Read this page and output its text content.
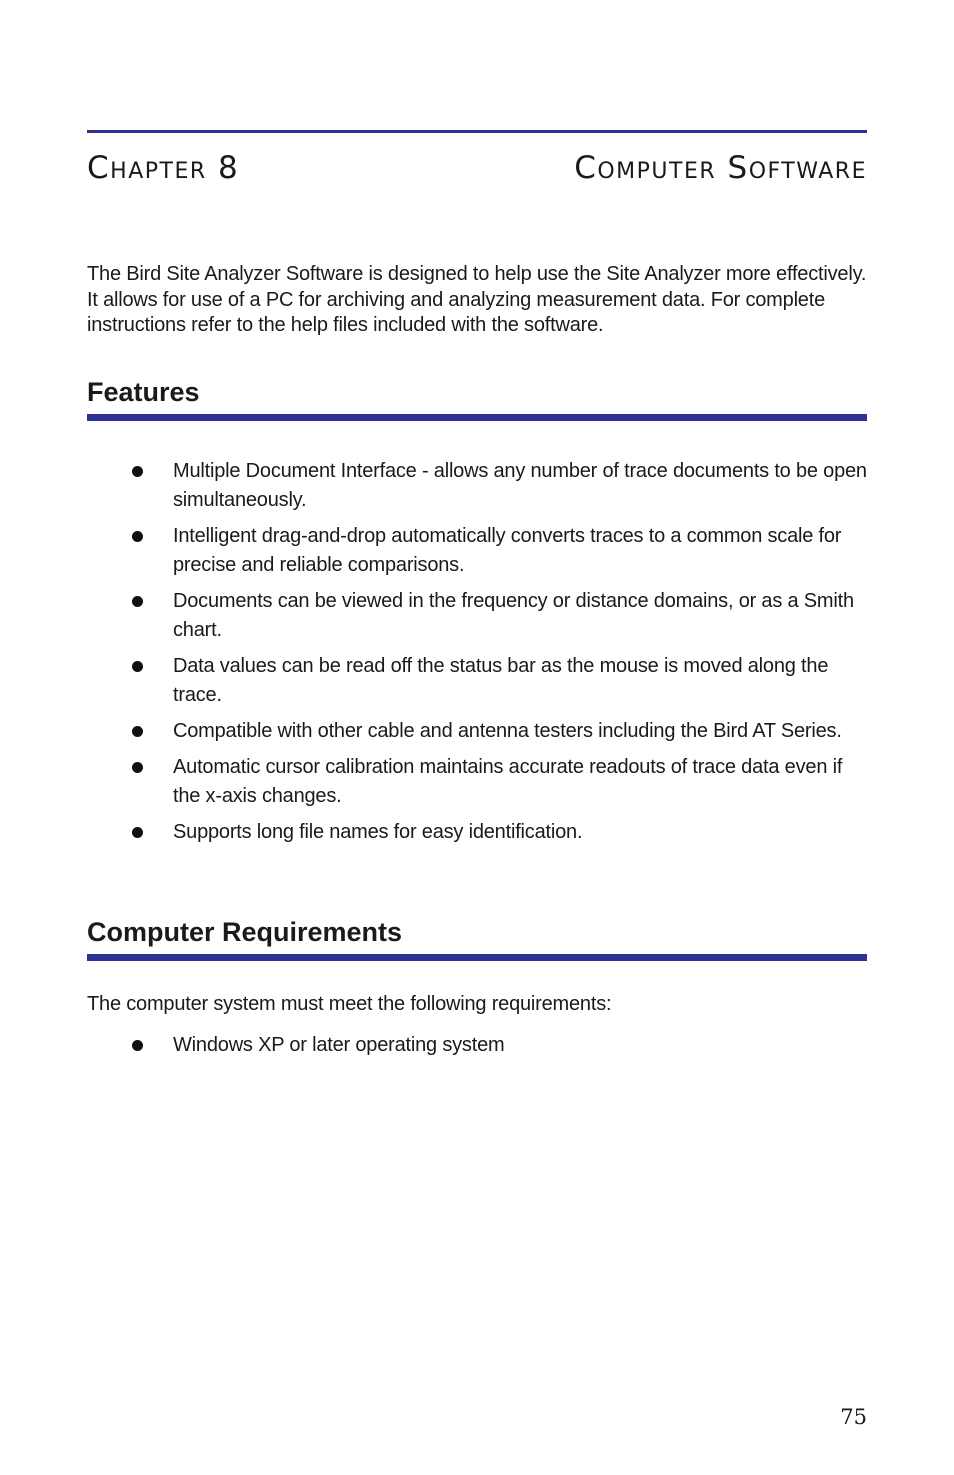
Chapter 8	Computer Software

The Bird Site Analyzer Software is designed to help use the Site Analyzer more effectively. It allows for use of a PC for archiving and analyzing measurement data. For complete instructions refer to the help files included with the software.

Features
Multiple Document Interface - allows any number of trace documents to be open simultaneously.
Intelligent drag-and-drop automatically converts traces to a common scale for precise and reliable comparisons.
Documents can be viewed in the frequency or distance domains, or as a Smith chart.
Data values can be read off the status bar as the mouse is moved along the trace.
Compatible with other cable and antenna testers including the Bird AT Series.
Automatic cursor calibration maintains accurate readouts of trace data even if the x-axis changes.
Supports long file names for easy identification.
Computer Requirements

The computer system must meet the following requirements:

Windows XP or later operating system
75
